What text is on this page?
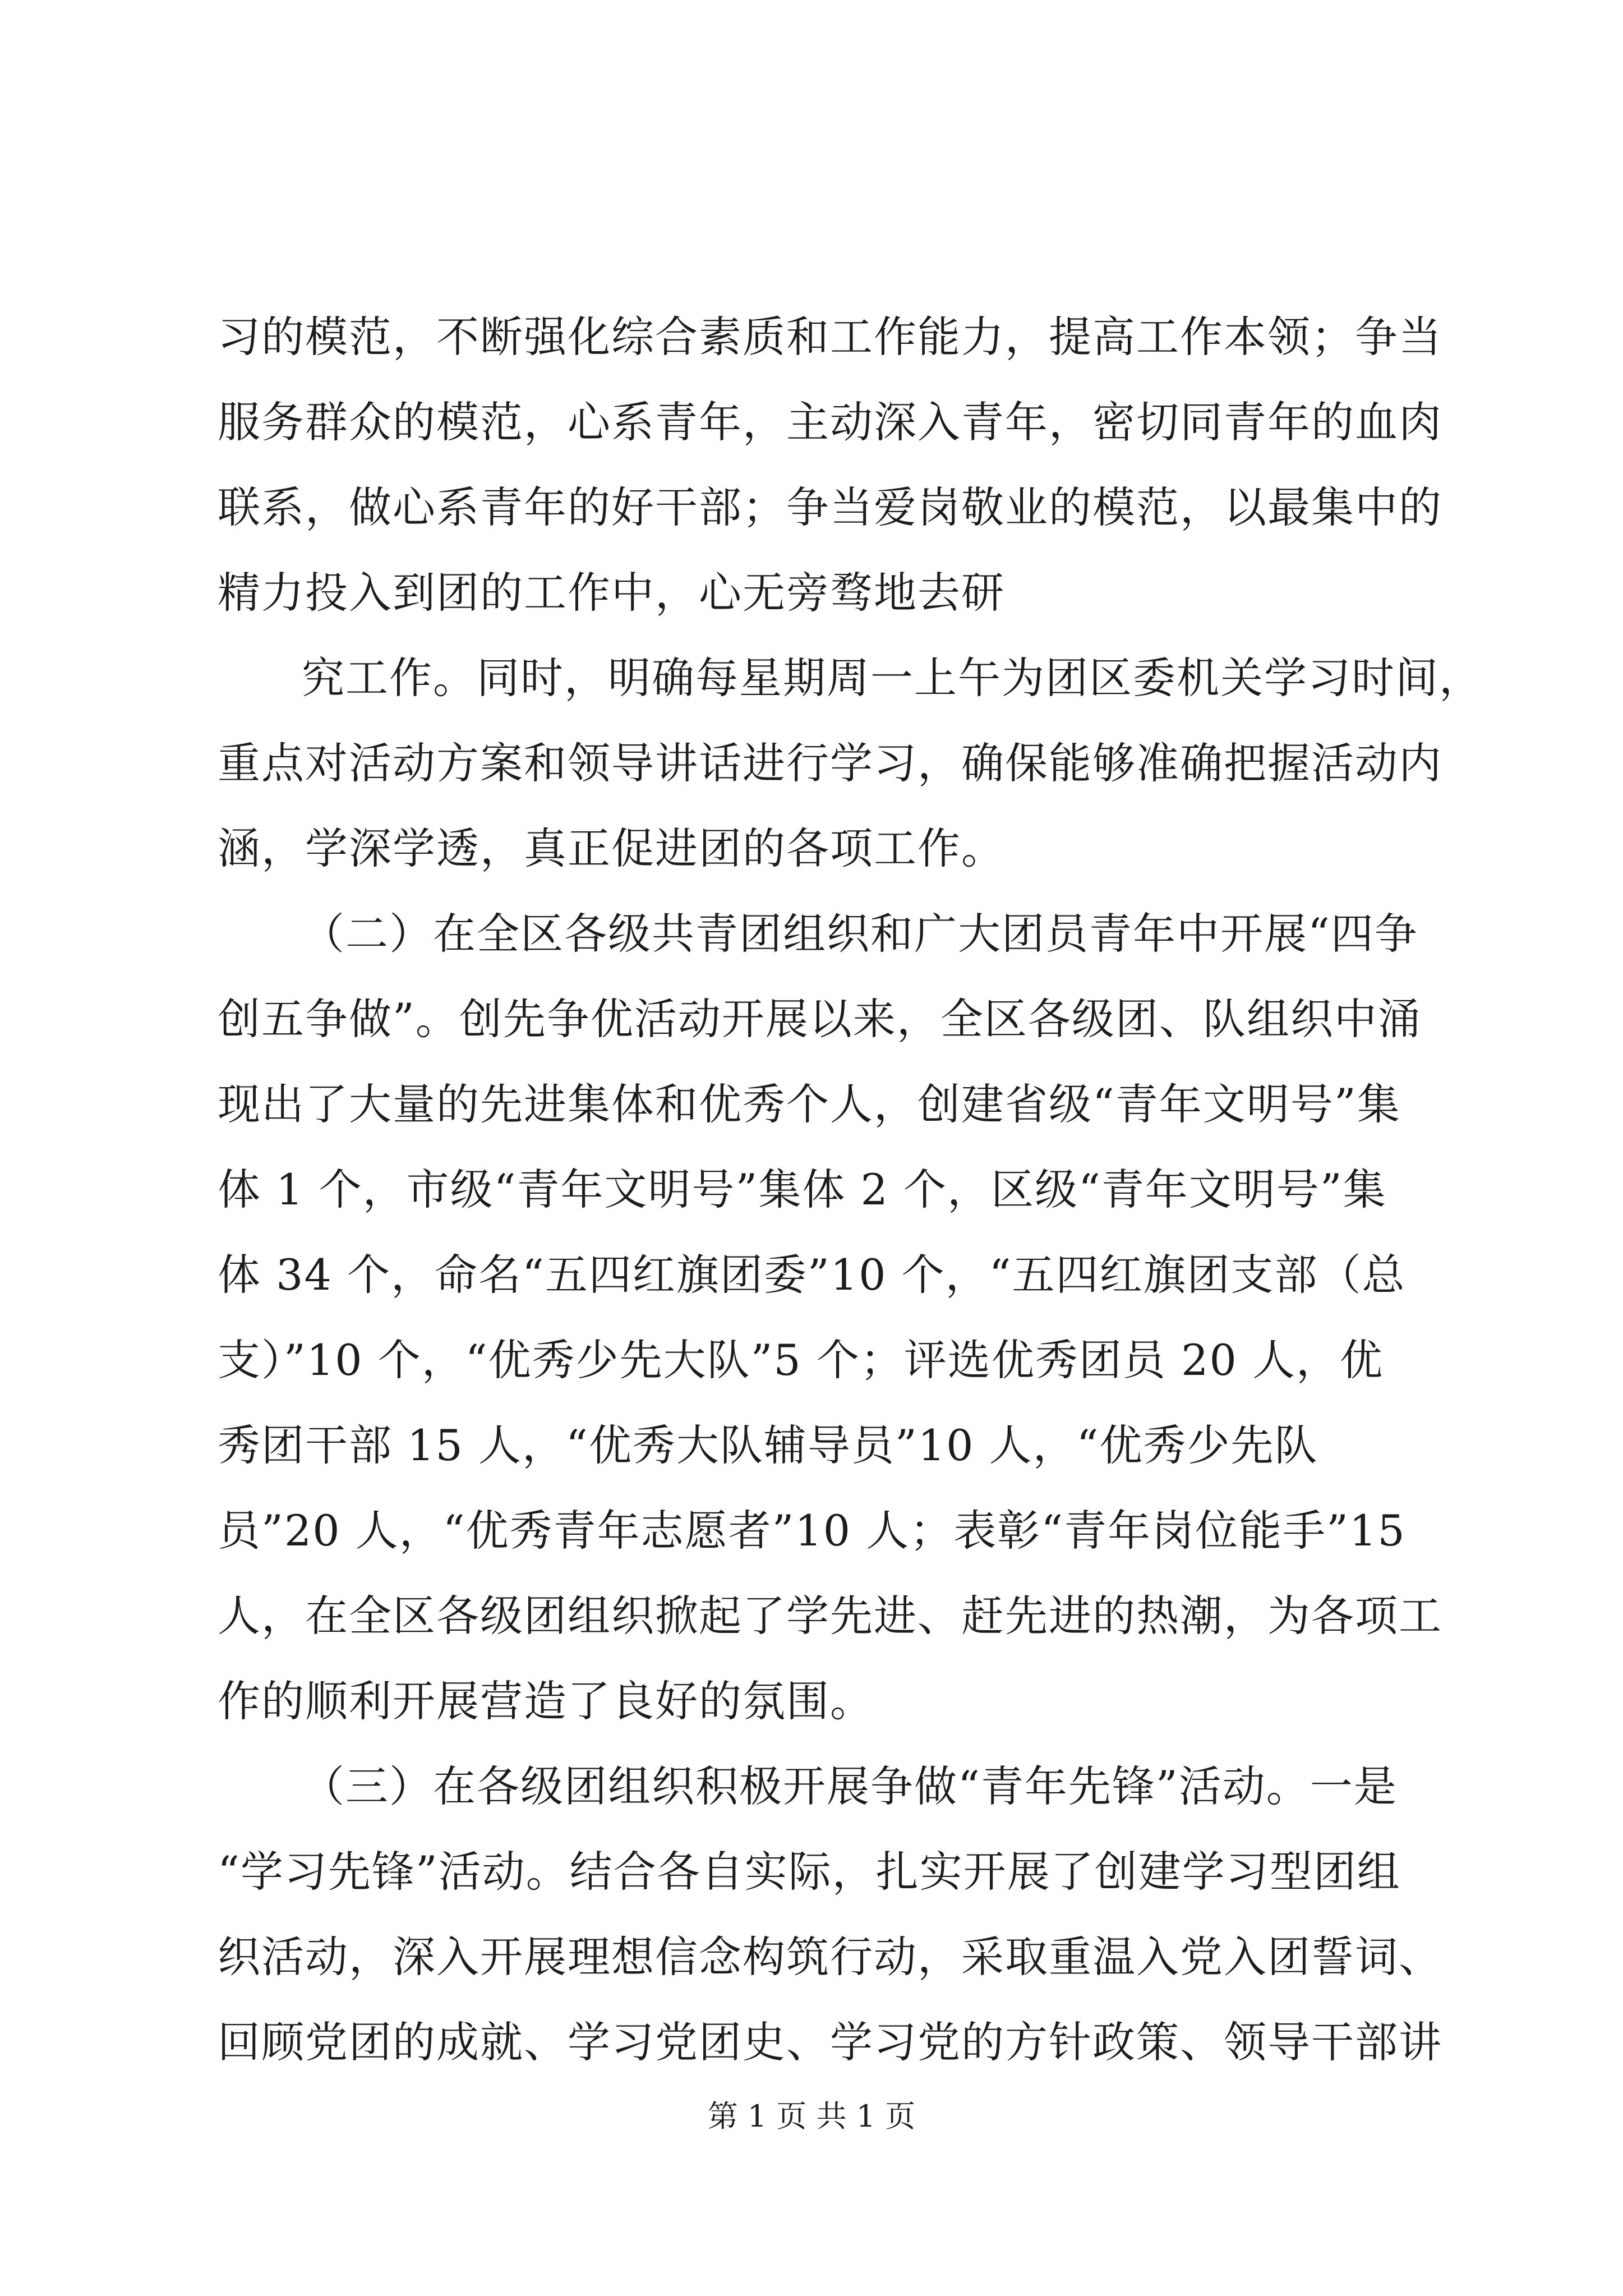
习的模范，不断强化综合素质和工作能力，提高工作本领；争当
服务群众的模范，心系青年，主动深入青年，密切同青年的血肉
联系，做心系青年的好干部；争当爱岗敬业的模范，以最集中的
精力投入到团的工作中，心无旁骛地去研
究工作。同时，明确每星期周一上午为团区委机关学习时间，
重点对活动方案和领导讲话进行学习，确保能够准确把握活动内
涵，学深学透，真正促进团的各项工作。
（二）在全区各级共青团组织和广大团员青年中开展“四争
创五争做”。创先争优活动开展以来，全区各级团、队组织中涌
现出了大量的先进集体和优秀个人，创建省级“青年文明号”集
体 1 个，市级“青年文明号”集体 2 个，区级“青年文明号”集
体 34 个，命名“五四红旗团委”10 个，“五四红旗团支部（总
支）”10 个，“优秀少先大队”5 个；评选优秀团员 20 人，优
秀团干部 15 人，“优秀大队辅导员”10 人，“优秀少先队
员”20 人，“优秀青年志愿者”10 人；表彰“青年岗位能手”15
人，在全区各级团组织掀起了学先进、赶先进的热潮，为各项工
作的顺利开展营造了良好的氛围。
（三）在各级团组织积极开展争做“青年先锋”活动。一是
“学习先锋”活动。结合各自实际，扎实开展了创建学习型团组
织活动，深入开展理想信念构筑行动，采取重温入党入团誓词、
回顾党团的成就、学习党团史、学习党的方针政策、领导干部讲
第 1 页 共 1 页
